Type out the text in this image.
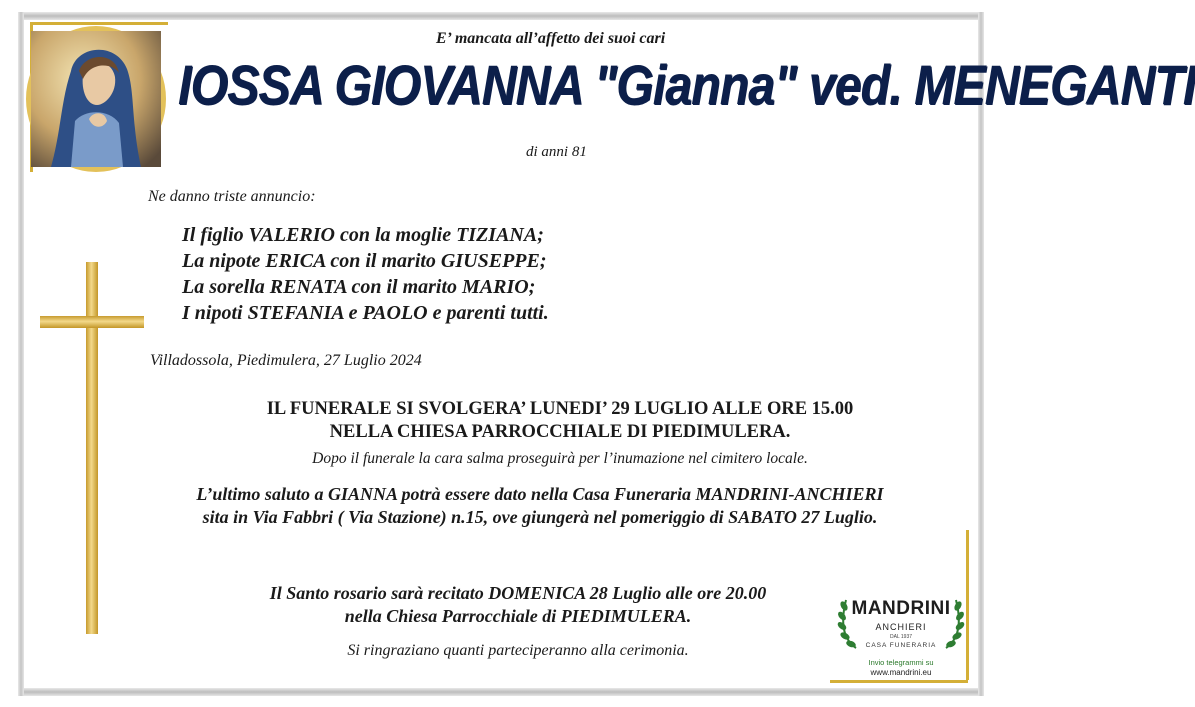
E’ mancata all’affetto dei suoi cari
IOSSA GIOVANNA "Gianna" ved. MENEGANTI
di anni 81
Ne danno triste annuncio:
Il figlio VALERIO con la moglie TIZIANA;
La nipote ERICA con il marito GIUSEPPE;
La sorella RENATA con il marito MARIO;
I nipoti STEFANIA e PAOLO e parenti tutti.
Villadossola, Piedimulera, 27 Luglio 2024
IL FUNERALE SI SVOLGERA’ LUNEDI’ 29 LUGLIO ALLE ORE 15.00
NELLA CHIESA PARROCCHIALE DI PIEDIMULERA.
Dopo il funerale la cara salma proseguirà per l’inumazione nel cimitero locale.
L’ultimo saluto a GIANNA potrà essere dato nella Casa Funeraria MANDRINI-ANCHIERI
sita in Via Fabbri ( Via Stazione) n.15, ove giungerà nel pomeriggio di SABATO 27 Luglio.
Il Santo rosario sarà recitato DOMENICA 28 Luglio alle ore 20.00
nella Chiesa Parrocchiale di PIEDIMULERA.
Si ringraziano quanti parteciperanno alla cerimonia.
MANDRINI
ANCHIERI
DAL 1937
CASA FUNERARIA
Invio telegrammi su
www.mandrini.eu
